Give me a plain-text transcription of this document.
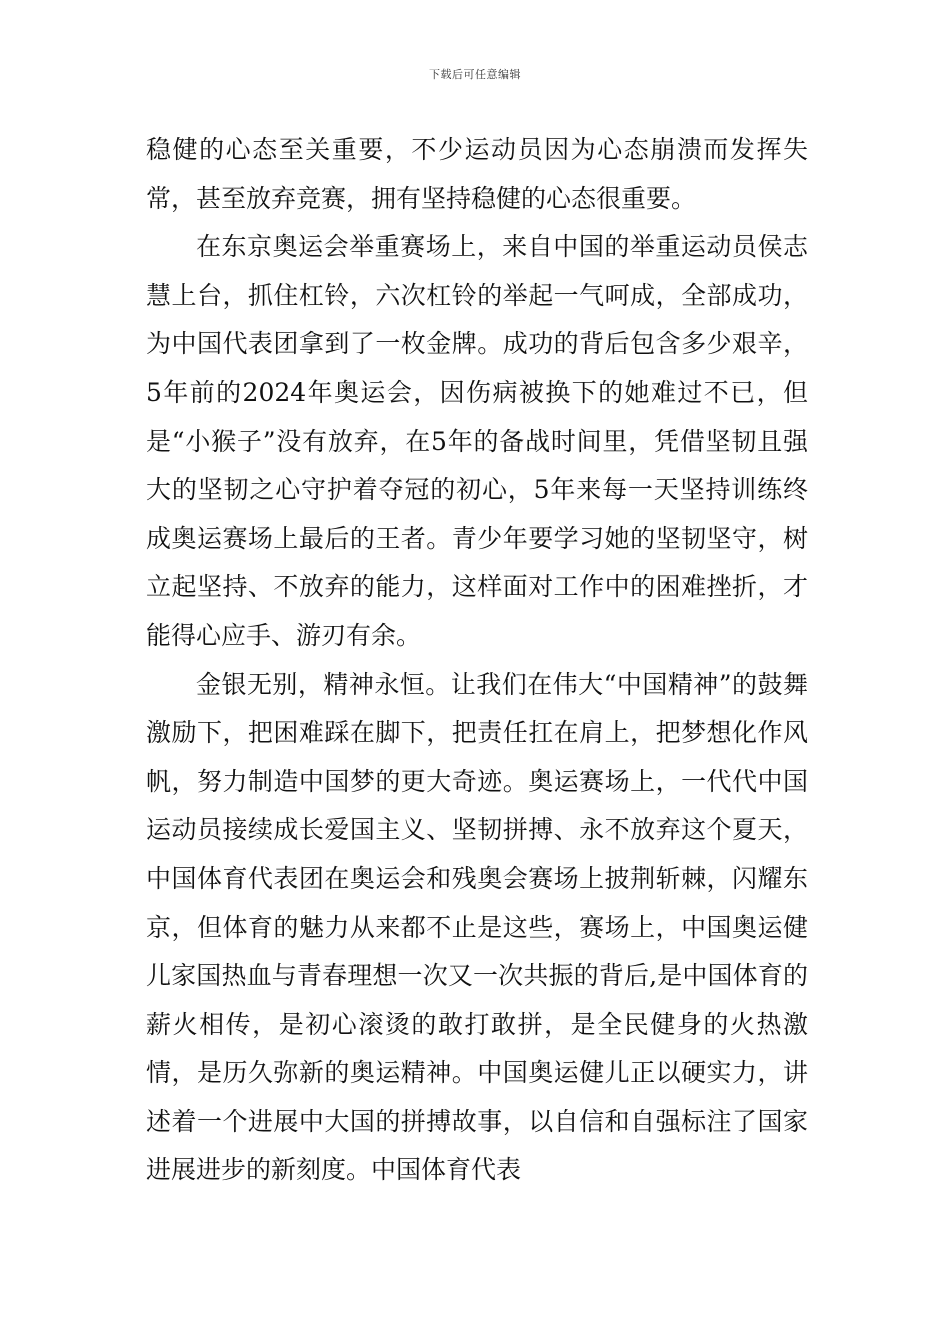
下载后可任意编辑

稳健的心态至关重要，不少运动员因为心态崩溃而发挥失常，甚至放弃竞赛，拥有坚持稳健的心态很重要。

在东京奥运会举重赛场上，来自中国的举重运动员侯志慧上台，抓住杠铃，六次杠铃的举起一气呵成，全部成功，为中国代表团拿到了一枚金牌。成功的背后包含多少艰辛，5年前的2024年奥运会，因伤病被换下的她难过不已，但是“小猴子”没有放弃，在5年的备战时间里，凭借坚韧且强大的坚韧之心守护着夺冠的初心，5年来每一天坚持训练终成奥运赛场上最后的王者。青少年要学习她的坚韧坚守，树立起坚持、不放弃的能力，这样面对工作中的困难挫折，才能得心应手、游刃有余。

金银无别，精神永恒。让我们在伟大“中国精神”的鼓舞激励下，把困难踩在脚下，把责任扛在肩上，把梦想化作风帆，努力制造中国梦的更大奇迹。奥运赛场上，一代代中国运动员接续成长爱国主义、坚韧拼搏、永不放弃这个夏天，中国体育代表团在奥运会和残奥会赛场上披荆斩棘，闪耀东京，但体育的魅力从来都不止是这些，赛场上，中国奥运健儿家国热血与青春理想一次又一次共振的背后,是中国体育的薪火相传，是初心滚烫的敢打敢拼，是全民健身的火热激情，是历久弥新的奥运精神。中国奥运健儿正以硬实力，讲述着一个进展中大国的拼搏故事，以自信和自强标注了国家进展进步的新刻度。中国体育代表
